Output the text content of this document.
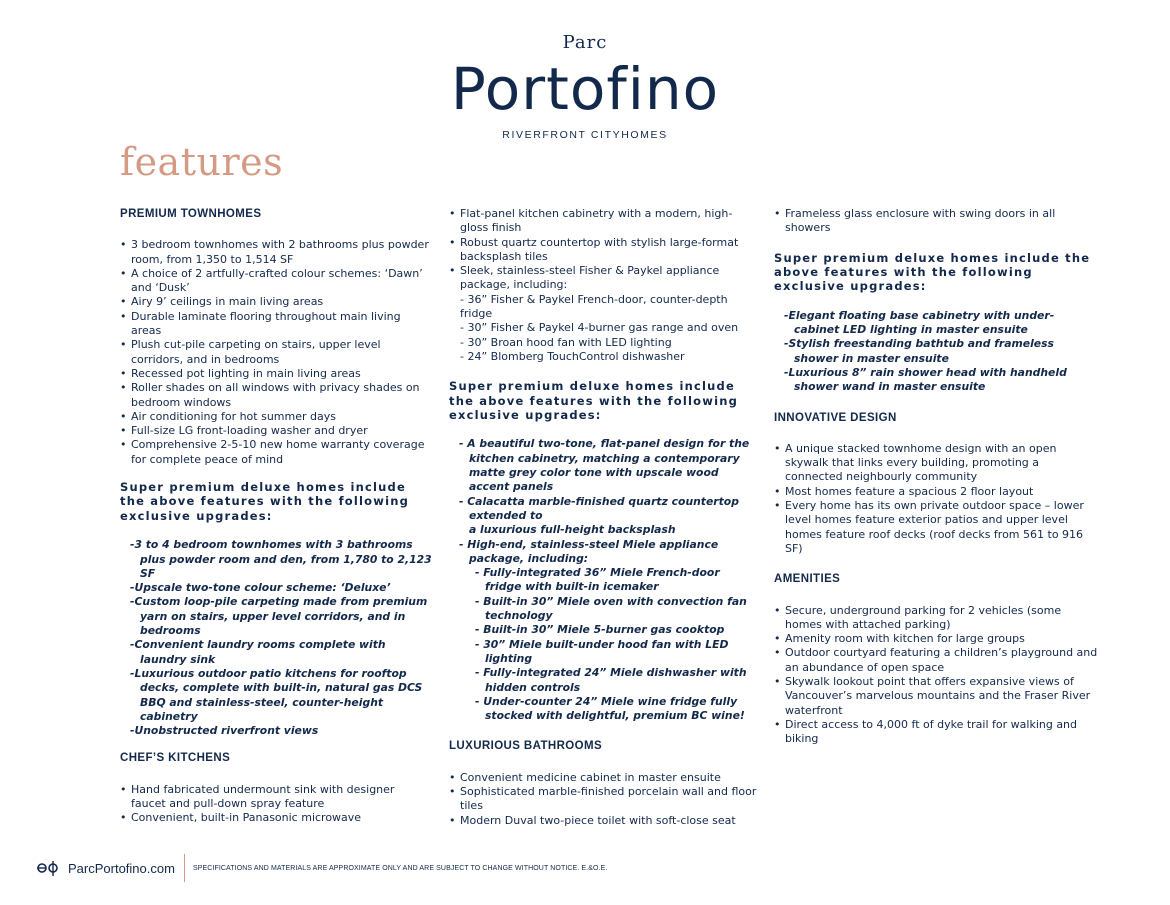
Parc
Portofino
RIVERFRONT CITYHOMES
features
PREMIUM TOWNHOMES
• 3 bedroom townhomes with 2 bathrooms plus powder room, from 1,350 to 1,514 SF
• A choice of 2 artfully-crafted colour schemes: ‘Dawn’ and ‘Dusk’
• Airy 9’ ceilings in main living areas
• Durable laminate flooring throughout main living areas
• Plush cut-pile carpeting on stairs, upper level corridors, and in bedrooms
• Recessed pot lighting in main living areas
• Roller shades on all windows with privacy shades on bedroom windows
• Air conditioning for hot summer days
• Full-size LG front-loading washer and dryer
• Comprehensive 2-5-10 new home warranty coverage for complete peace of mind
Super premium deluxe homes include the above features with the following exclusive upgrades:
-3 to 4 bedroom townhomes with 3 bathrooms plus powder room and den, from 1,780 to 2,123 SF
-Upscale two-tone colour scheme: ‘Deluxe’
-Custom loop-pile carpeting made from premium yarn on stairs, upper level corridors, and in bedrooms
-Convenient laundry rooms complete with laundry sink
-Luxurious outdoor patio kitchens for rooftop decks, complete with built-in, natural gas DCS BBQ and stainless-steel, counter-height cabinetry
-Unobstructed riverfront views
CHEF’S KITCHENS
• Hand fabricated undermount sink with designer faucet and pull-down spray feature
• Convenient, built-in Panasonic microwave
• Flat-panel kitchen cabinetry with a modern, high-gloss finish
• Robust quartz countertop with stylish large-format backsplash tiles
• Sleek, stainless-steel Fisher & Paykel appliance package, including:
- 36” Fisher & Paykel French-door, counter-depth fridge
- 30” Fisher & Paykel 4-burner gas range and oven
- 30” Broan hood fan with LED lighting
- 24” Blomberg TouchControl dishwasher
Super premium deluxe homes include the above features with the following exclusive upgrades:
- A beautiful two-tone, flat-panel design for the kitchen cabinetry, matching a contemporary matte grey color tone with upscale wood accent panels
- Calacatta marble-finished quartz countertop extended to
a luxurious full-height backsplash
- High-end, stainless-steel Miele appliance package, including:
- Fully-integrated 36” Miele French-door fridge with built-in icemaker
- Built-in 30” Miele oven with convection fan technology
- Built-in 30” Miele 5-burner gas cooktop
- 30” Miele built-under hood fan with LED lighting
- Fully-integrated 24” Miele dishwasher with hidden controls
- Under-counter 24” Miele wine fridge fully stocked with delightful, premium BC wine!
LUXURIOUS BATHROOMS
• Convenient medicine cabinet in master ensuite
• Sophisticated marble-finished porcelain wall and floor tiles
• Modern Duval two-piece toilet with soft-close seat
• Frameless glass enclosure with swing doors in all showers
Super premium deluxe homes include the above features with the following exclusive upgrades:
-Elegant floating base cabinetry with under-cabinet LED lighting in master ensuite
-Stylish freestanding bathtub and frameless shower in master ensuite
-Luxurious 8” rain shower head with handheld shower wand in master ensuite
INNOVATIVE DESIGN
• A unique stacked townhome design with an open skywalk that links every building, promoting a connected neighbourly community
• Most homes feature a spacious 2 floor layout
• Every home has its own private outdoor space – lower level homes feature exterior patios and upper level homes feature roof decks (roof decks from 561 to 916 SF)
AMENITIES
• Secure, underground parking for 2 vehicles (some homes with attached parking)
• Amenity room with kitchen for large groups
• Outdoor courtyard featuring a children’s playground and an abundance of open space
• Skywalk lookout point that offers expansive views of Vancouver’s marvelous mountains and the Fraser River waterfront
• Direct access to 4,000 ft of dyke trail for walking and biking
ParcPortofino.com	SPECIFICATIONS AND MATERIALS ARE APPROXIMATE ONLY AND ARE SUBJECT TO CHANGE WITHOUT NOTICE. E.&O.E.
